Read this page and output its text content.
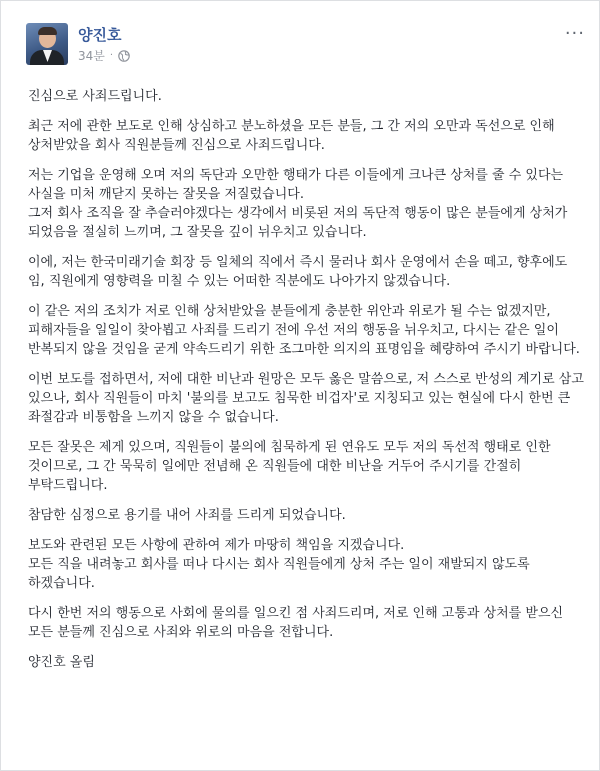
양진호
34분 ·
···

진심으로 사죄드립니다.

최근 저에 관한 보도로 인해 상심하고 분노하셨을 모든 분들, 그 간 저의 오만과 독선으로 인해 상처받았을 회사 직원분들께 진심으로 사죄드립니다.

저는 기업을 운영해 오며 저의 독단과 오만한 행태가 다른 이들에게 크나큰 상처를 줄 수 있다는 사실을 미처 깨닫지 못하는 잘못을 저질렀습니다.

그저 회사 조직을 잘 추슬러야겠다는 생각에서 비롯된 저의 독단적 행동이 많은 분들에게 상처가 되었음을 절실히 느끼며, 그 잘못을 깊이 뉘우치고 있습니다.

이에, 저는 한국미래기술 회장 등 일체의 직에서 즉시 물러나 회사 운영에서 손을 떼고, 향후에도 임, 직원에게 영향력을 미칠 수 있는 어떠한 직분에도 나아가지 않겠습니다.

이 같은 저의 조치가 저로 인해 상처받았을 분들에게 충분한 위안과 위로가 될 수는 없겠지만, 피해자들을 일일이 찾아뵙고 사죄를 드리기 전에 우선 저의 행동을 뉘우치고, 다시는 같은 일이 반복되지 않을 것임을 굳게 약속드리기 위한 조그마한 의지의 표명임을 혜량하여 주시기 바랍니다.

이번 보도를 접하면서, 저에 대한 비난과 원망은 모두 옳은 말씀으로, 저 스스로 반성의 계기로 삼고 있으나, 회사 직원들이 마치 '불의를 보고도 침묵한 비겁자'로 지칭되고 있는 현실에 다시 한번 큰 좌절감과 비통함을 느끼지 않을 수 없습니다.

모든 잘못은 제게 있으며, 직원들이 불의에 침묵하게 된 연유도 모두 저의 독선적 행태로 인한 것이므로, 그 간 묵묵히 일에만 전념해 온 직원들에 대한 비난을 거두어 주시기를 간절히 부탁드립니다.

참담한 심정으로 용기를 내어 사죄를 드리게 되었습니다.

보도와 관련된 모든 사항에 관하여 제가 마땅히 책임을 지겠습니다.

모든 직을 내려놓고 회사를 떠나 다시는 회사 직원들에게 상처 주는 일이 재발되지 않도록 하겠습니다.

다시 한번 저의 행동으로 사회에 물의를 일으킨 점 사죄드리며, 저로 인해 고통과 상처를 받으신 모든 분들께 진심으로 사죄와 위로의 마음을 전합니다.

양진호 올림
